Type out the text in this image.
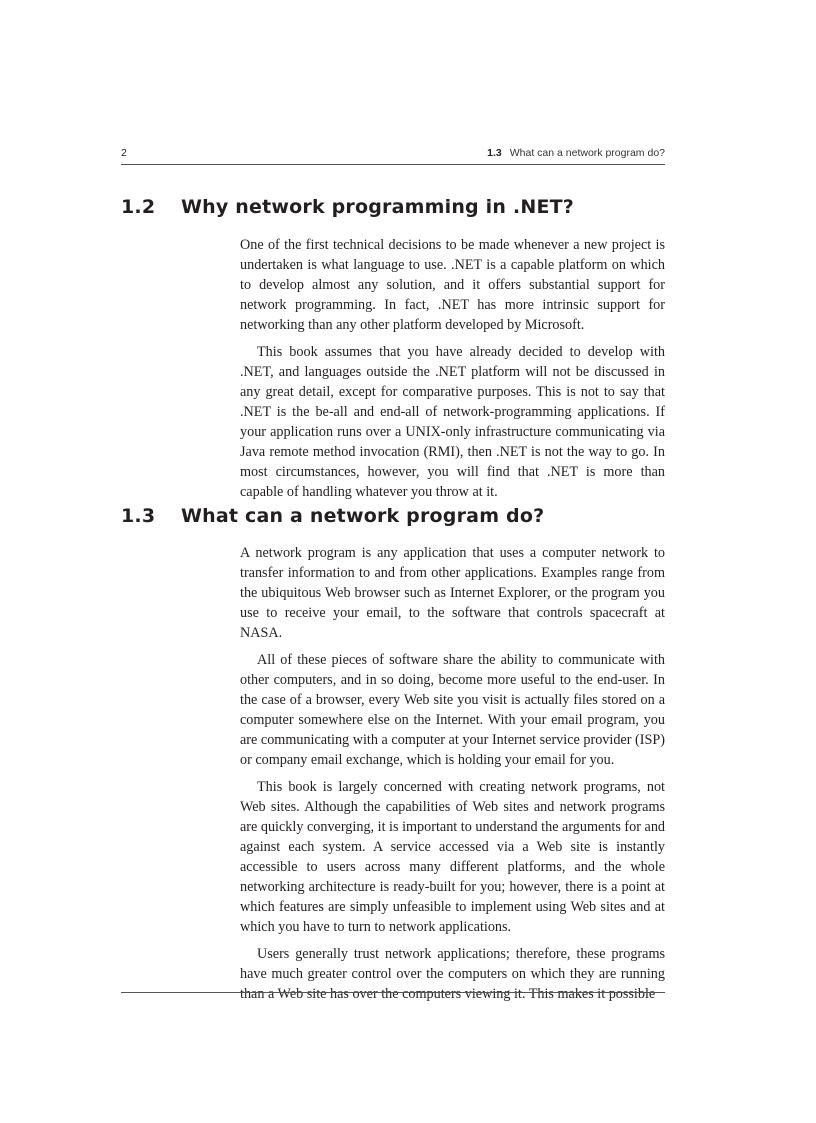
2	1.3 What can a network program do?
1.2 Why network programming in .NET?

One of the first technical decisions to be made whenever a new project is undertaken is what language to use. .NET is a capable platform on which to develop almost any solution, and it offers substantial support for network programming. In fact, .NET has more intrinsic support for networking than any other platform developed by Microsoft.

This book assumes that you have already decided to develop with .NET, and languages outside the .NET platform will not be discussed in any great detail, except for comparative purposes. This is not to say that .NET is the be-all and end-all of network-programming applications. If your application runs over a UNIX-only infrastructure communicating via Java remote method invocation (RMI), then .NET is not the way to go. In most circumstances, however, you will find that .NET is more than capable of handling whatever you throw at it.

1.3 What can a network program do?

A network program is any application that uses a computer network to transfer information to and from other applications. Examples range from the ubiquitous Web browser such as Internet Explorer, or the program you use to receive your email, to the software that controls spacecraft at NASA.

All of these pieces of software share the ability to communicate with other computers, and in so doing, become more useful to the end-user. In the case of a browser, every Web site you visit is actually files stored on a computer somewhere else on the Internet. With your email program, you are communicating with a computer at your Internet service provider (ISP) or company email exchange, which is holding your email for you.

This book is largely concerned with creating network programs, not Web sites. Although the capabilities of Web sites and network programs are quickly converging, it is important to understand the arguments for and against each system. A service accessed via a Web site is instantly accessible to users across many different platforms, and the whole networking architecture is ready-built for you; however, there is a point at which features are simply unfeasible to implement using Web sites and at which you have to turn to network applications.

Users generally trust network applications; therefore, these programs have much greater control over the computers on which they are running than a Web site has over the computers viewing it. This makes it possible
